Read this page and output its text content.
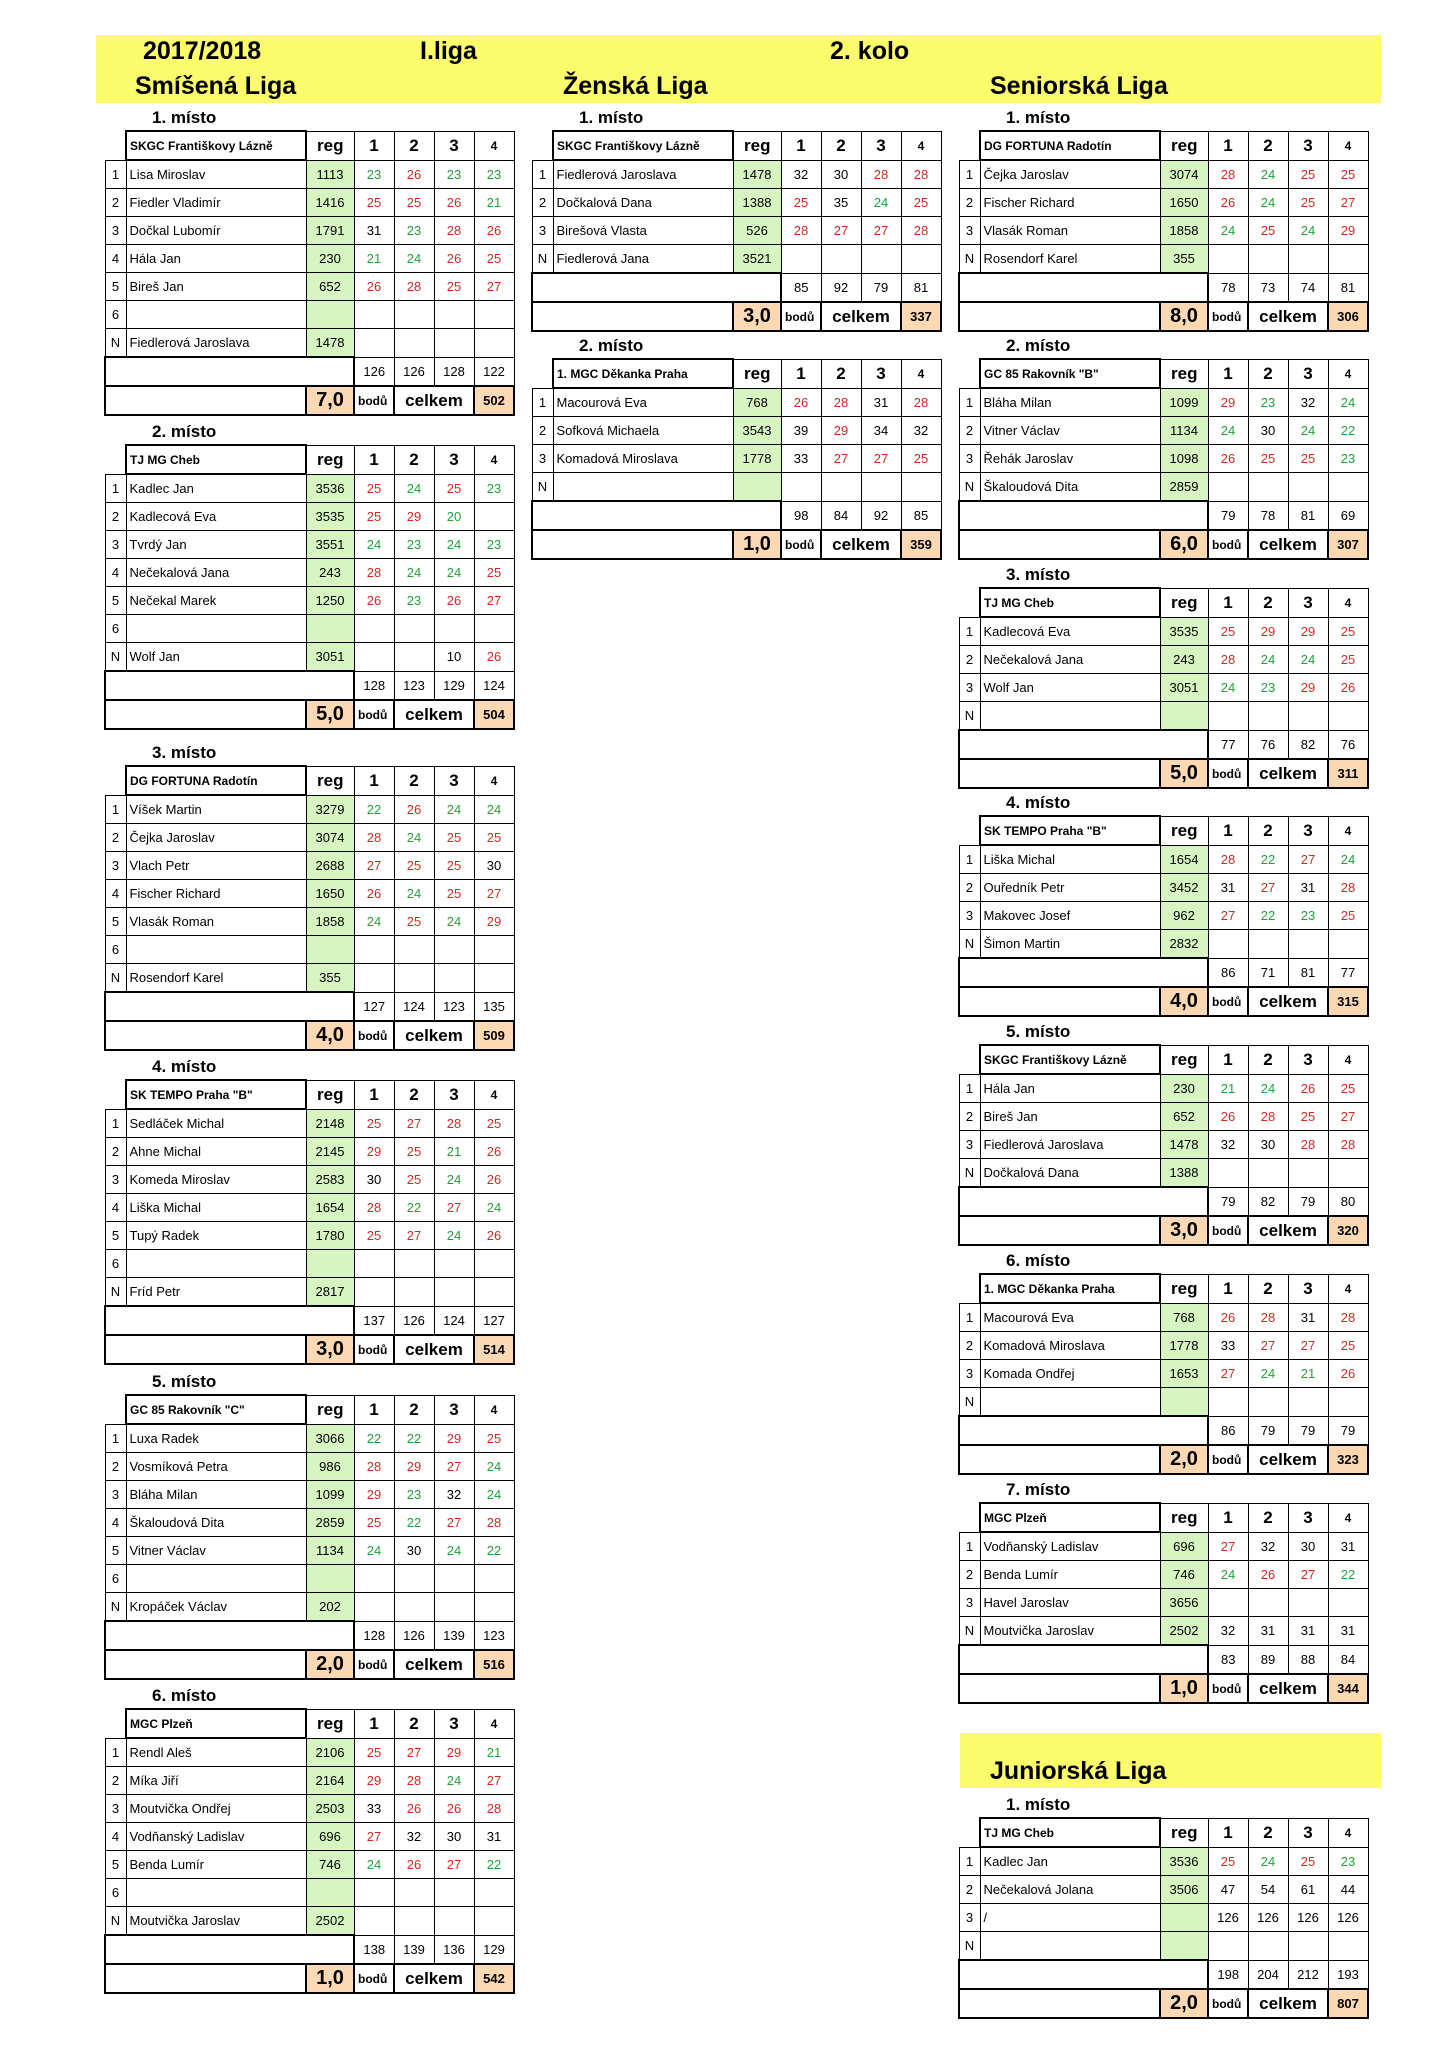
2017/2018	I.liga	2. kolo
Smíšená Liga	Ženská Liga	Seniorská Liga
Juniorská Liga
1. místo
	SKGC Františkovy Lázně	reg	1	2	3	4
1	Lisa Miroslav	1113	23	26	23	23
2	Fiedler Vladimír	1416	25	25	26	21
3	Dočkal Lubomír	1791	31	23	28	26
4	Hála Jan	230	21	24	26	25
5	Bireš Jan	652	26	28	25	27
6						
N	Fiedlerová Jaroslava	1478				
			126	126	128	122
		7,0	bodů	celkem		502
2. místo
	TJ MG Cheb	reg	1	2	3	4
1	Kadlec Jan	3536	25	24	25	23
2	Kadlecová Eva	3535	25	29	20	
3	Tvrdý Jan	3551	24	23	24	23
4	Nečekalová Jana	243	28	24	24	25
5	Nečekal Marek	1250	26	23	26	27
6						
N	Wolf Jan	3051			10	26
			128	123	129	124
		5,0	bodů	celkem		504
3. místo
	DG FORTUNA Radotín	reg	1	2	3	4
1	Víšek Martin	3279	22	26	24	24
2	Čejka Jaroslav	3074	28	24	25	25
3	Vlach Petr	2688	27	25	25	30
4	Fischer Richard	1650	26	24	25	27
5	Vlasák Roman	1858	24	25	24	29
6						
N	Rosendorf Karel	355				
			127	124	123	135
		4,0	bodů	celkem		509
4. místo
	SK TEMPO Praha "B"	reg	1	2	3	4
1	Sedláček Michal	2148	25	27	28	25
2	Ahne Michal	2145	29	25	21	26
3	Komeda Miroslav	2583	30	25	24	26
4	Liška Michal	1654	28	22	27	24
5	Tupý Radek	1780	25	27	24	26
6						
N	Fríd Petr	2817				
			137	126	124	127
		3,0	bodů	celkem		514
5. místo
	GC 85 Rakovník "C"	reg	1	2	3	4
1	Luxa Radek	3066	22	22	29	25
2	Vosmíková Petra	986	28	29	27	24
3	Bláha Milan	1099	29	23	32	24
4	Škaloudová Dita	2859	25	22	27	28
5	Vitner Václav	1134	24	30	24	22
6						
N	Kropáček Václav	202				
			128	126	139	123
		2,0	bodů	celkem		516
6. místo
	MGC Plzeň	reg	1	2	3	4
1	Rendl Aleš	2106	25	27	29	21
2	Míka Jiří	2164	29	28	24	27
3	Moutvička Ondřej	2503	33	26	26	28
4	Vodňanský Ladislav	696	27	32	30	31
5	Benda Lumír	746	24	26	27	22
6						
N	Moutvička Jaroslav	2502				
			138	139	136	129
		1,0	bodů	celkem		542
1. místo
	SKGC Františkovy Lázně	reg	1	2	3	4
1	Fiedlerová Jaroslava	1478	32	30	28	28
2	Dočkalová Dana	1388	25	35	24	25
3	Birešová Vlasta	526	28	27	27	28
N	Fiedlerová Jana	3521				
			85	92	79	81
		3,0	bodů	celkem		337
2. místo
	1. MGC Děkanka Praha	reg	1	2	3	4
1	Macourová Eva	768	26	28	31	28
2	Sofková Michaela	3543	39	29	34	32
3	Komadová Miroslava	1778	33	27	27	25
N						
			98	84	92	85
		1,0	bodů	celkem		359
1. místo
	DG FORTUNA Radotín	reg	1	2	3	4
1	Čejka Jaroslav	3074	28	24	25	25
2	Fischer Richard	1650	26	24	25	27
3	Vlasák Roman	1858	24	25	24	29
N	Rosendorf Karel	355				
			78	73	74	81
		8,0	bodů	celkem		306
2. místo
	GC 85 Rakovník "B"	reg	1	2	3	4
1	Bláha Milan	1099	29	23	32	24
2	Vitner Václav	1134	24	30	24	22
3	Řehák Jaroslav	1098	26	25	25	23
N	Škaloudová Dita	2859				
			79	78	81	69
		6,0	bodů	celkem		307
3. místo
	TJ MG Cheb	reg	1	2	3	4
1	Kadlecová Eva	3535	25	29	29	25
2	Nečekalová Jana	243	28	24	24	25
3	Wolf Jan	3051	24	23	29	26
N						
			77	76	82	76
		5,0	bodů	celkem		311
4. místo
	SK TEMPO Praha "B"	reg	1	2	3	4
1	Liška Michal	1654	28	22	27	24
2	Ouředník Petr	3452	31	27	31	28
3	Makovec Josef	962	27	22	23	25
N	Šimon Martin	2832				
			86	71	81	77
		4,0	bodů	celkem		315
5. místo
	SKGC Františkovy Lázně	reg	1	2	3	4
1	Hála Jan	230	21	24	26	25
2	Bireš Jan	652	26	28	25	27
3	Fiedlerová Jaroslava	1478	32	30	28	28
N	Dočkalová Dana	1388				
			79	82	79	80
		3,0	bodů	celkem		320
6. místo
	1. MGC Děkanka Praha	reg	1	2	3	4
1	Macourová Eva	768	26	28	31	28
2	Komadová Miroslava	1778	33	27	27	25
3	Komada Ondřej	1653	27	24	21	26
N						
			86	79	79	79
		2,0	bodů	celkem		323
7. místo
	MGC Plzeň	reg	1	2	3	4
1	Vodňanský Ladislav	696	27	32	30	31
2	Benda Lumír	746	24	26	27	22
3	Havel Jaroslav	3656				
N	Moutvička Jaroslav	2502	32	31	31	31
			83	89	88	84
		1,0	bodů	celkem		344
1. místo
	TJ MG Cheb	reg	1	2	3	4
1	Kadlec Jan	3536	25	24	25	23
2	Nečekalová Jolana	3506	47	54	61	44
3	/		126	126	126	126
N						
			198	204	212	193
		2,0	bodů	celkem		807
